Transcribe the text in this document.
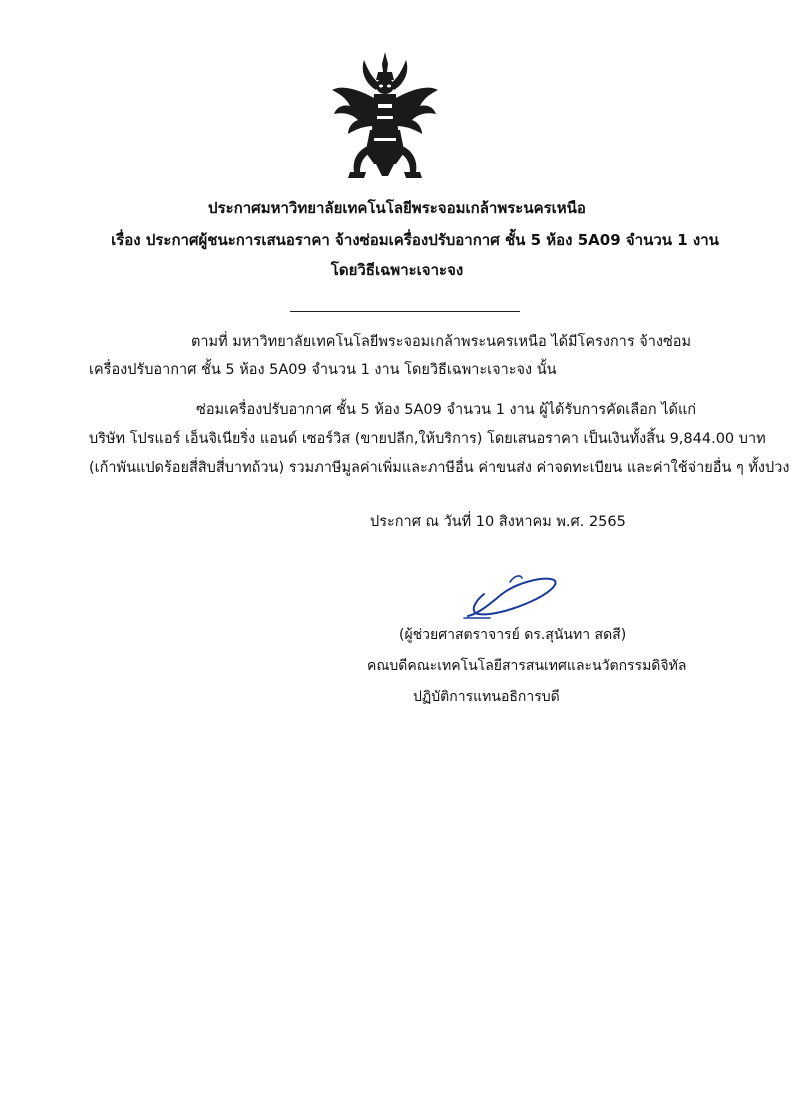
ประกาศมหาวิทยาลัยเทคโนโลยีพระจอมเกล้าพระนครเหนือ
เรื่อง ประกาศผู้ชนะการเสนอราคา จ้างซ่อมเครื่องปรับอากาศ ชั้น 5 ห้อง 5A09 จำนวน 1 งาน
โดยวิธีเฉพาะเจาะจง
ตามที่ มหาวิทยาลัยเทคโนโลยีพระจอมเกล้าพระนครเหนือ ได้มีโครงการ จ้างซ่อม
เครื่องปรับอากาศ ชั้น 5 ห้อง 5A09 จำนวน 1 งาน โดยวิธีเฉพาะเจาะจง นั้น
ซ่อมเครื่องปรับอากาศ ชั้น 5 ห้อง 5A09 จำนวน 1 งาน ผู้ได้รับการคัดเลือก ได้แก่
บริษัท โปรแอร์ เอ็นจิเนียริ่ง แอนด์ เซอร์วิส (ขายปลีก,ให้บริการ) โดยเสนอราคา เป็นเงินทั้งสิ้น 9,844.00 บาท
(เก้าพันแปดร้อยสี่สิบสี่บาทถ้วน) รวมภาษีมูลค่าเพิ่มและภาษีอื่น ค่าขนส่ง ค่าจดทะเบียน และค่าใช้จ่ายอื่น ๆ ทั้งปวง
ประกาศ ณ วันที่ 10 สิงหาคม พ.ศ. 2565
(ผู้ช่วยศาสตราจารย์ ดร.สุนันทา สดสี)
คณบดีคณะเทคโนโลยีสารสนเทศและนวัตกรรมดิจิทัล
ปฏิบัติการแทนอธิการบดี
